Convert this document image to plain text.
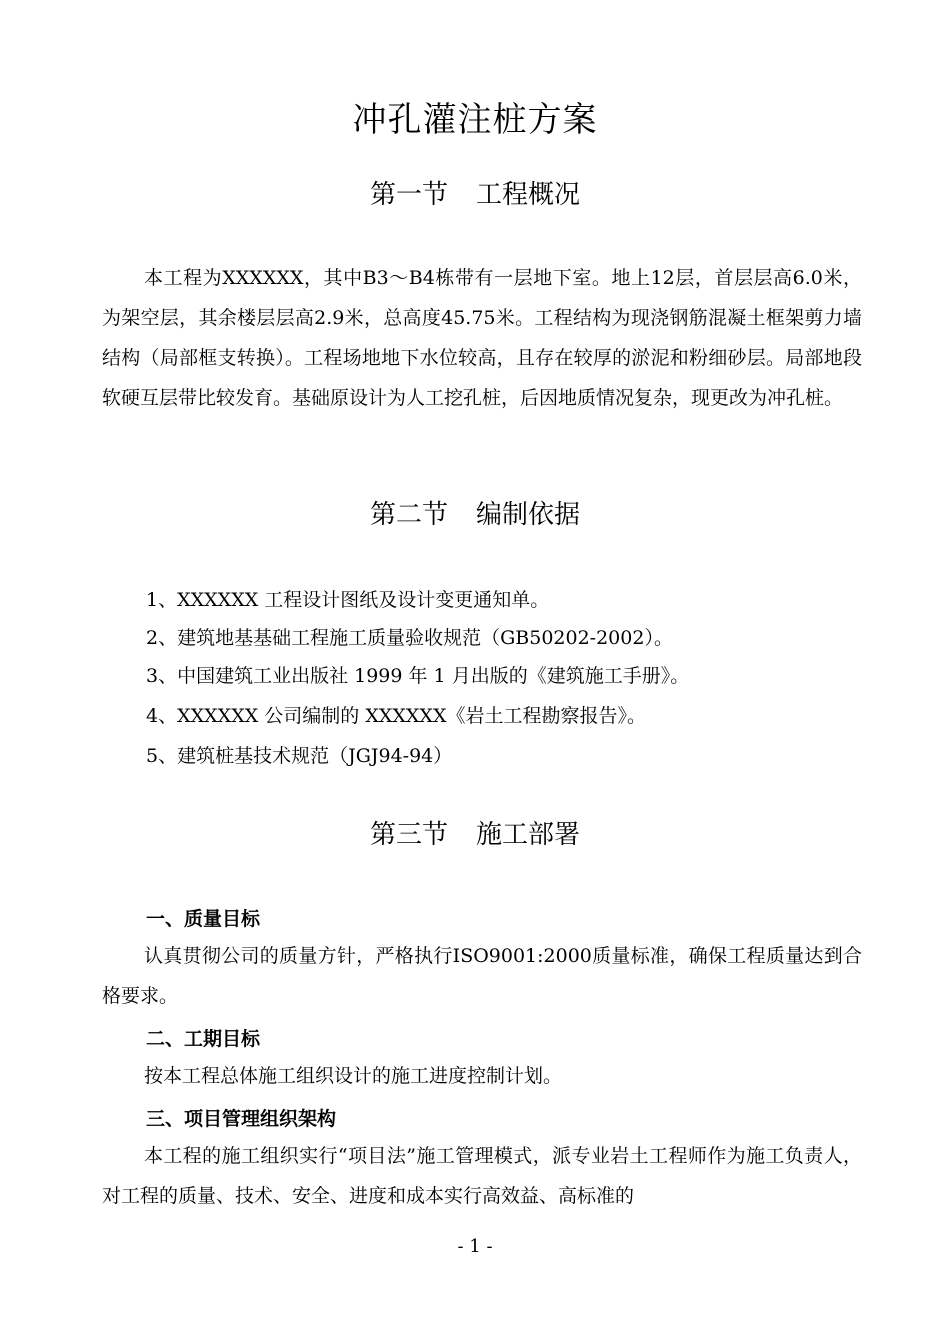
冲孔灌注桩方案
第一节 工程概况
本工程为XXXXXX，其中B3～B4栋带有一层地下室。地上12层，首层层高6.0米，为架空层，其余楼层层高2.9米，总高度45.75米。工程结构为现浇钢筋混凝土框架剪力墙结构（局部框支转换）。工程场地地下水位较高，且存在较厚的淤泥和粉细砂层。局部地段软硬互层带比较发育。基础原设计为人工挖孔桩，后因地质情况复杂，现更改为冲孔桩。
第二节 编制依据
1、XXXXXX 工程设计图纸及设计变更通知单。
2、建筑地基基础工程施工质量验收规范（GB50202-2002）。
3、中国建筑工业出版社 1999 年 1 月出版的《建筑施工手册》。
4、XXXXXX 公司编制的 XXXXXX《岩土工程勘察报告》。
5、建筑桩基技术规范（JGJ94-94）
第三节 施工部署
一、质量目标
认真贯彻公司的质量方针，严格执行ISO9001:2000质量标准，确保工程质量达到合格要求。
二、工期目标
按本工程总体施工组织设计的施工进度控制计划。
三、项目管理组织架构
本工程的施工组织实行“项目法”施工管理模式，派专业岩土工程师作为施工负责人，对工程的质量、技术、安全、进度和成本实行高效益、高标准的
- 1 -
